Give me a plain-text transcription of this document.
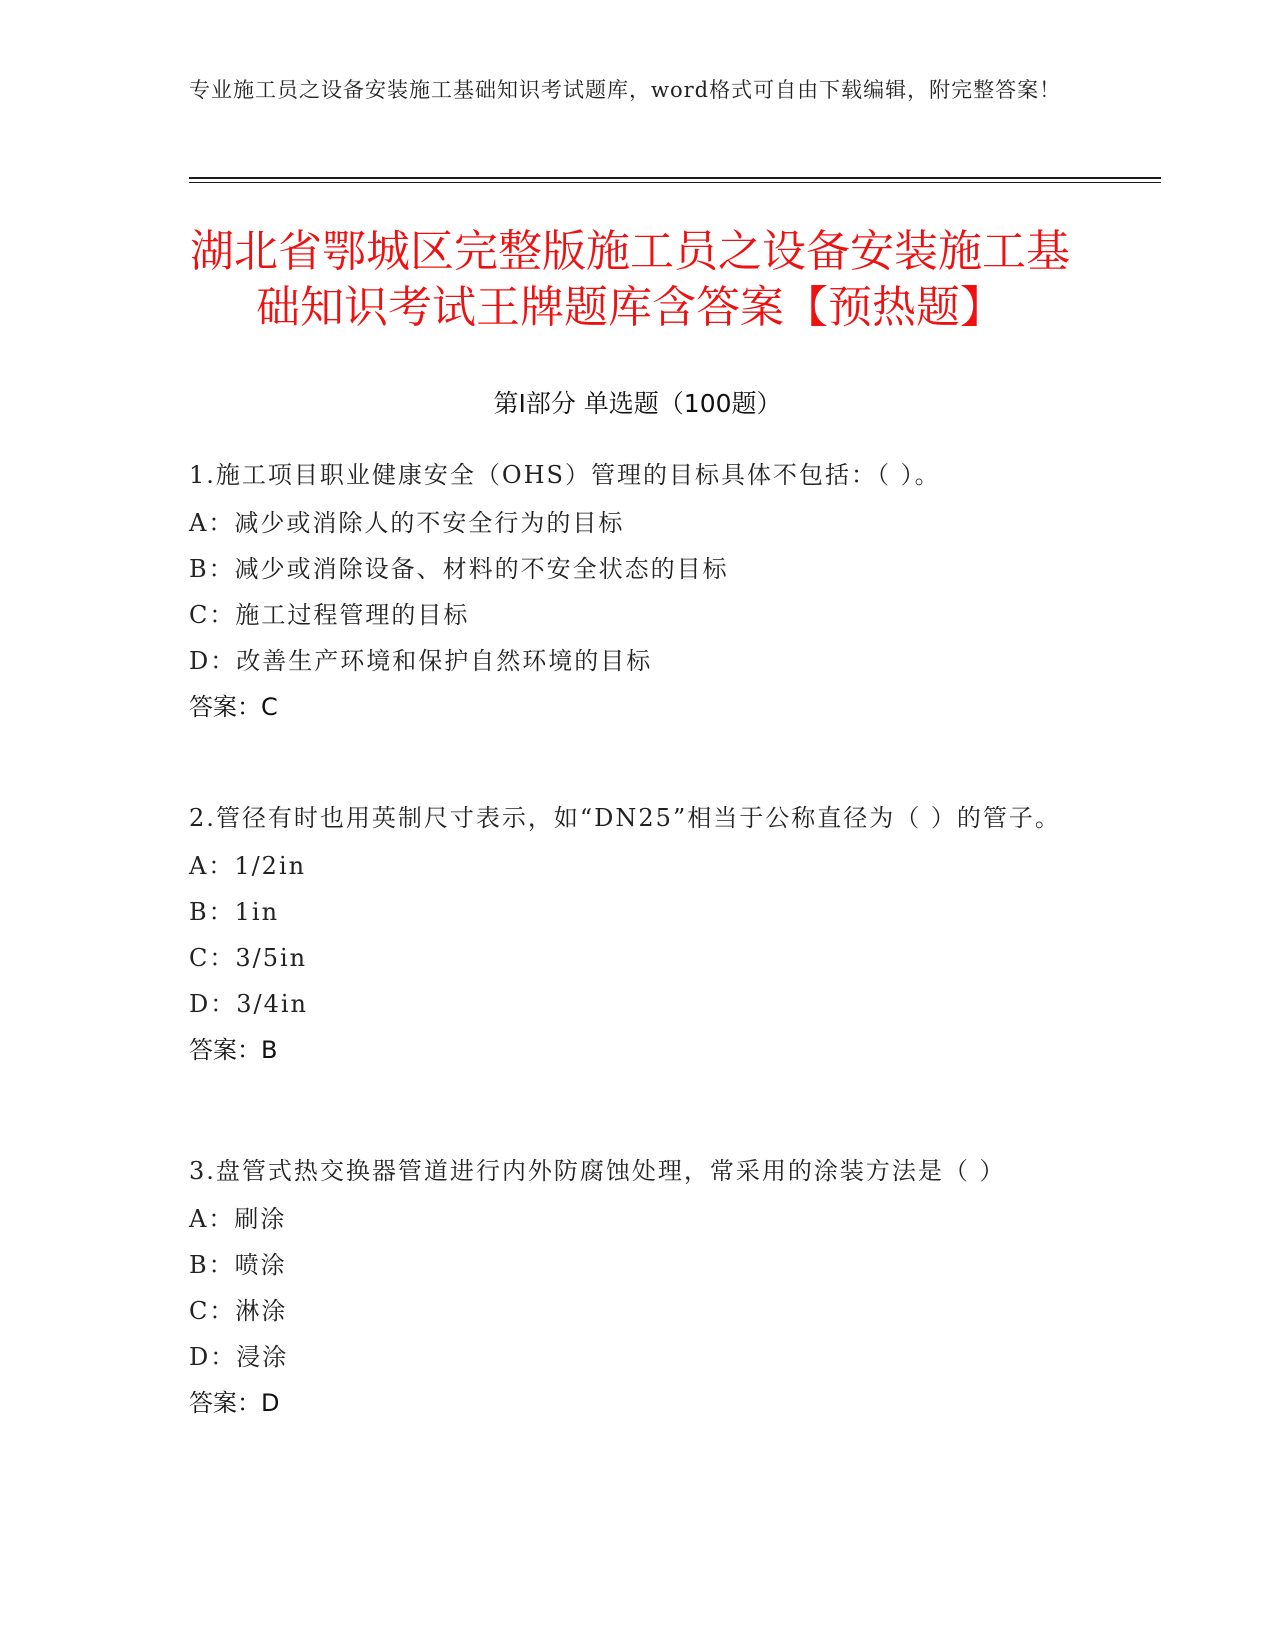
专业施工员之设备安装施工基础知识考试题库，word格式可自由下载编辑，附完整答案！
湖北省鄂城区完整版施工员之设备安装施工基础知识考试王牌题库含答案【预热题】
第Ⅰ部分 单选题（100题）
1.施工项目职业健康安全（OHS）管理的目标具体不包括：（ ）。
A：减少或消除人的不安全行为的目标
B：减少或消除设备、材料的不安全状态的目标
C：施工过程管理的目标
D：改善生产环境和保护自然环境的目标
答案：C
2.管径有时也用英制尺寸表示，如“DN25”相当于公称直径为（ ）的管子。
A：1/2in
B：1in
C：3/5in
D：3/4in
答案：B
3.盘管式热交换器管道进行内外防腐蚀处理，常采用的涂装方法是（ ）
A：刷涂
B：喷涂
C：淋涂
D：浸涂
答案：D
